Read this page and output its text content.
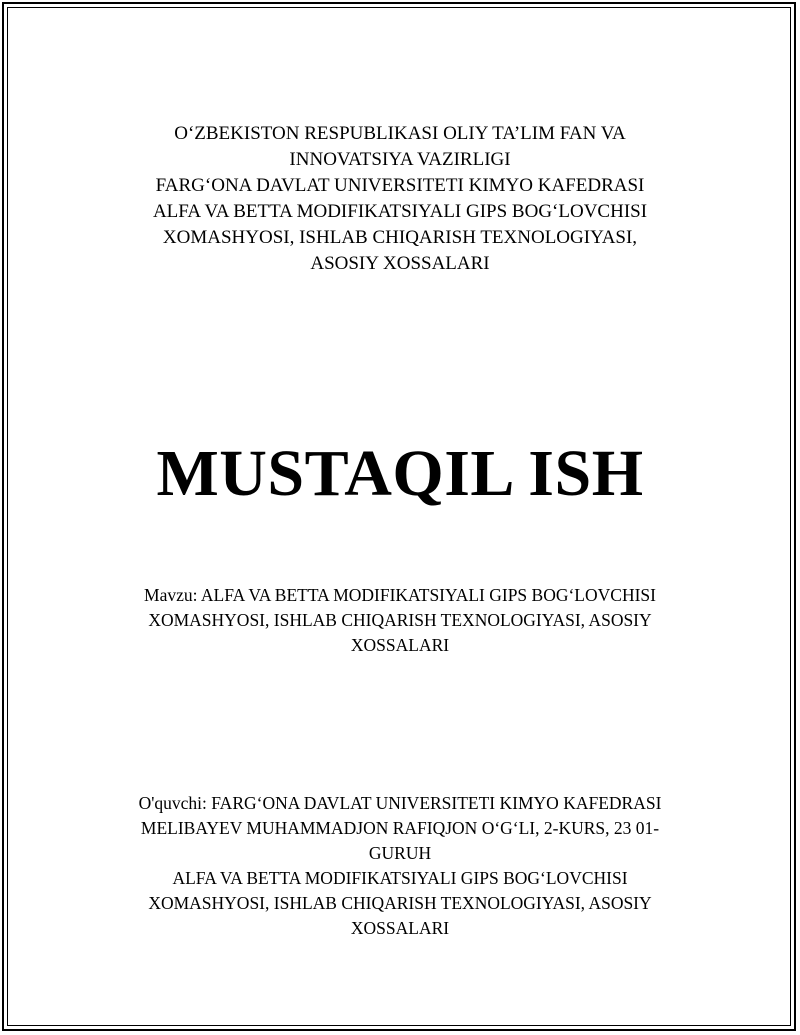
O‘ZBEKISTON RESPUBLIKASI OLIY TA’LIM FAN VA
INNOVATSIYA VAZIRLIGI
FARG‘ONA DAVLAT UNIVERSITETI KIMYO KAFEDRASI
ALFA VA BETTA MODIFIKATSIYALI GIPS BOG‘LOVCHISI
XOMASHYOSI, ISHLAB CHIQARISH TEXNOLOGIYASI,
ASOSIY XOSSALARI
MUSTAQIL ISH
Mavzu: ALFA VA BETTA MODIFIKATSIYALI GIPS BOG‘LOVCHISI
XOMASHYOSI, ISHLAB CHIQARISH TEXNOLOGIYASI, ASOSIY
XOSSALARI
O'quvchi: FARG‘ONA DAVLAT UNIVERSITETI KIMYO KAFEDRASI
MELIBAYEV MUHAMMADJON RAFIQJON O‘G‘LI, 2-KURS, 23 01-
GURUH
ALFA VA BETTA MODIFIKATSIYALI GIPS BOG‘LOVCHISI
XOMASHYOSI, ISHLAB CHIQARISH TEXNOLOGIYASI, ASOSIY
XOSSALARI
